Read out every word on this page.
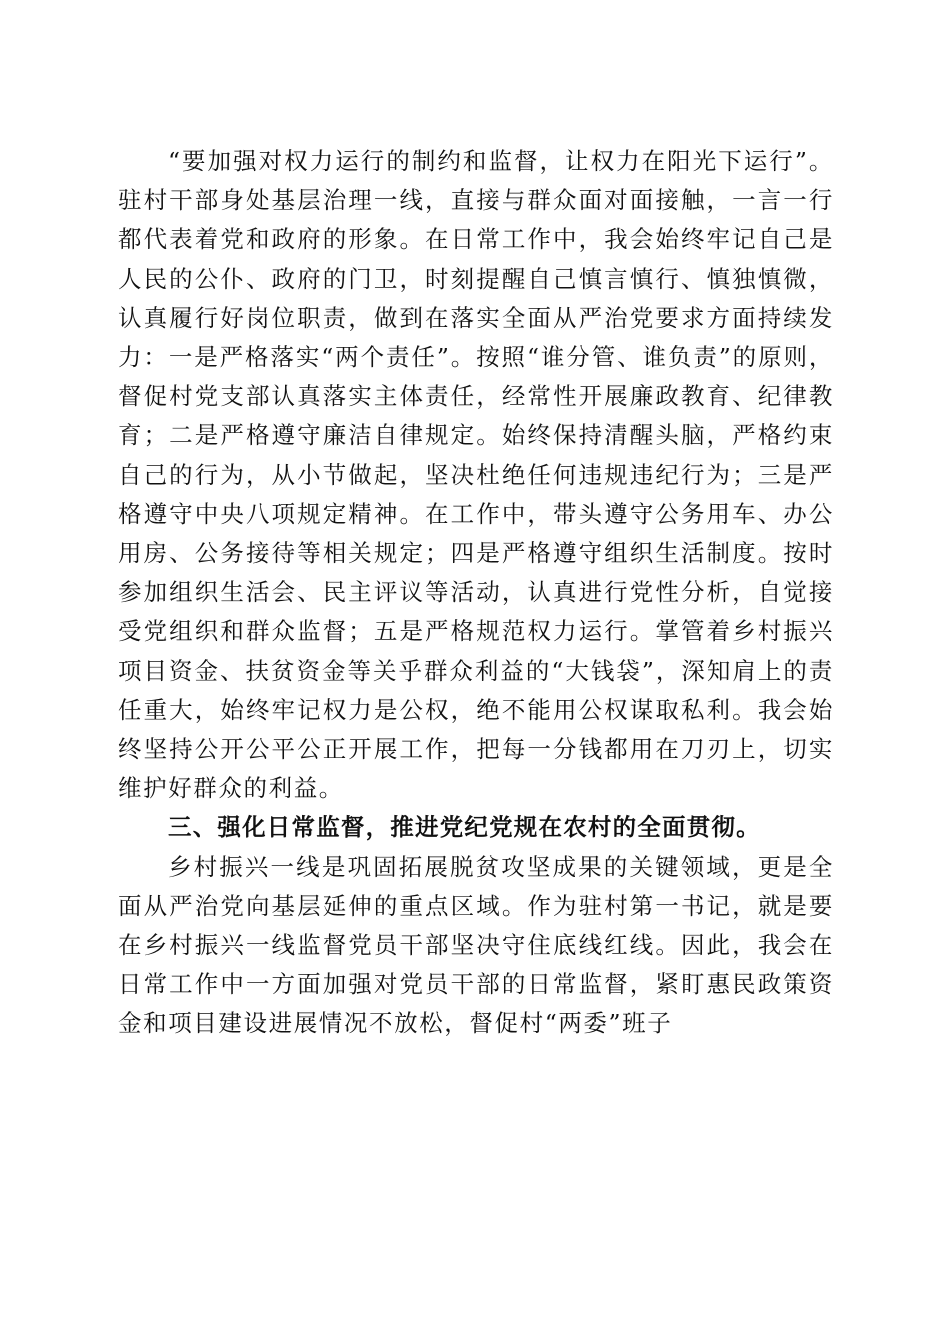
“要加强对权力运行的制约和监督，让权力在阳光下运行”。驻村干部身处基层治理一线，直接与群众面对面接触，一言一行都代表着党和政府的形象。在日常工作中，我会始终牢记自己是人民的公仆、政府的门卫，时刻提醒自己慎言慎行、慎独慎微，认真履行好岗位职责，做到在落实全面从严治党要求方面持续发力：一是严格落实“两个责任”。按照“谁分管、谁负责”的原则，督促村党支部认真落实主体责任，经常性开展廉政教育、纪律教育；二是严格遵守廉洁自律规定。始终保持清醒头脑，严格约束自己的行为，从小节做起，坚决杜绝任何违规违纪行为；三是严格遵守中央八项规定精神。在工作中，带头遵守公务用车、办公用房、公务接待等相关规定；四是严格遵守组织生活制度。按时参加组织生活会、民主评议等活动，认真进行党性分析，自觉接受党组织和群众监督；五是严格规范权力运行。掌管着乡村振兴项目资金、扶贫资金等关乎群众利益的“大钱袋”，深知肩上的责任重大，始终牢记权力是公权，绝不能用公权谋取私利。我会始终坚持公开公平公正开展工作，把每一分钱都用在刀刃上，切实维护好群众的利益。

三、强化日常监督，推进党纪党规在农村的全面贯彻。

乡村振兴一线是巩固拓展脱贫攻坚成果的关键领域，更是全面从严治党向基层延伸的重点区域。作为驻村第一书记，就是要在乡村振兴一线监督党员干部坚决守住底线红线。因此，我会在日常工作中一方面加强对党员干部的日常监督，紧盯惠民政策资金和项目建设进展情况不放松，督促村“两委”班子
